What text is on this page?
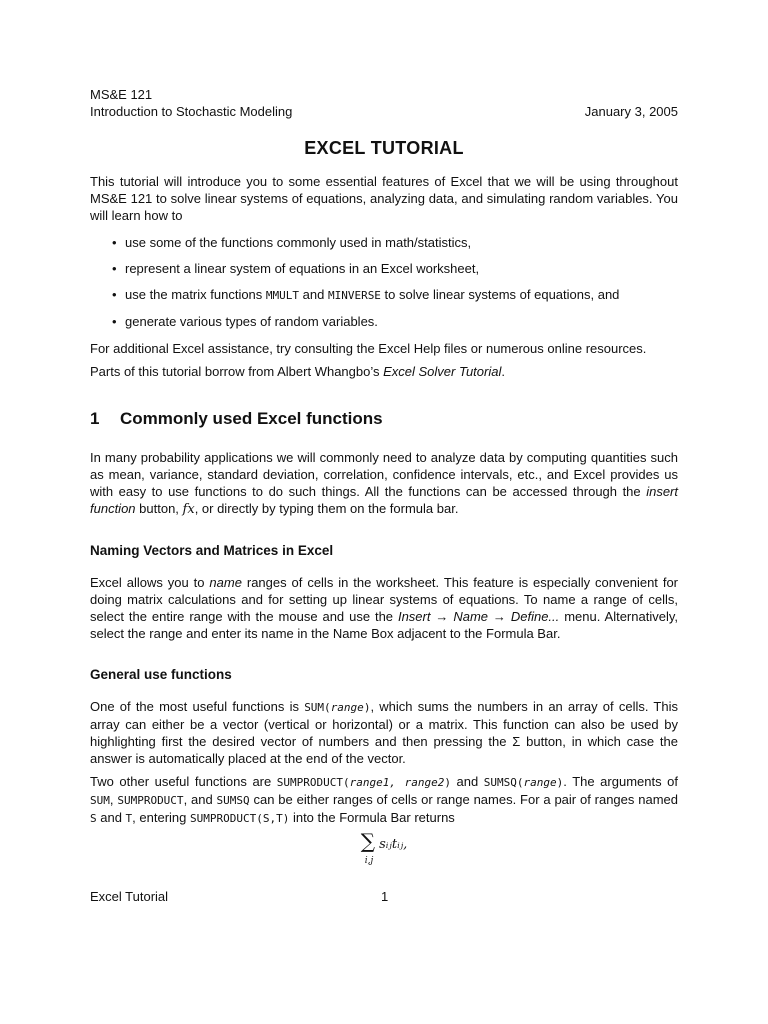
MS&E 121
Introduction to Stochastic Modeling	January 3, 2005
EXCEL TUTORIAL

This tutorial will introduce you to some essential features of Excel that we will be using throughout MS&E 121 to solve linear systems of equations, analyzing data, and simulating random variables. You will learn how to

• use some of the functions commonly used in math/statistics,
• represent a linear system of equations in an Excel worksheet,
• use the matrix functions MMULT and MINVERSE to solve linear systems of equations, and
• generate various types of random variables.

For additional Excel assistance, try consulting the Excel Help files or numerous online resources.

Parts of this tutorial borrow from Albert Whangbo’s Excel Solver Tutorial.

1	Commonly used Excel functions

In many probability applications we will commonly need to analyze data by computing quantities such as mean, variance, standard deviation, correlation, confidence intervals, etc., and Excel provides us with easy to use functions to do such things. All the functions can be accessed through the insert function button, fx, or directly by typing them on the formula bar.

Naming Vectors and Matrices in Excel

Excel allows you to name ranges of cells in the worksheet. This feature is especially convenient for doing matrix calculations and for setting up linear systems of equations. To name a range of cells, select the entire range with the mouse and use the Insert → Name → Define... menu. Alternatively, select the range and enter its name in the Name Box adjacent to the Formula Bar.

General use functions

One of the most useful functions is SUM(range), which sums the numbers in an array of cells. This array can either be a vector (vertical or horizontal) or a matrix. This function can also be used by highlighting first the desired vector of numbers and then pressing the Σ button, in which case the answer is automatically placed at the end of the vector.

Two other useful functions are SUMPRODUCT(range1, range2) and SUMSQ(range). The arguments of SUM, SUMPRODUCT, and SUMSQ can be either ranges of cells or range names. For a pair of ranges named S and T, entering SUMPRODUCT(S,T) into the Formula Bar returns

∑
i,j
sᵢⱼtᵢⱼ,
Excel Tutorial	1
